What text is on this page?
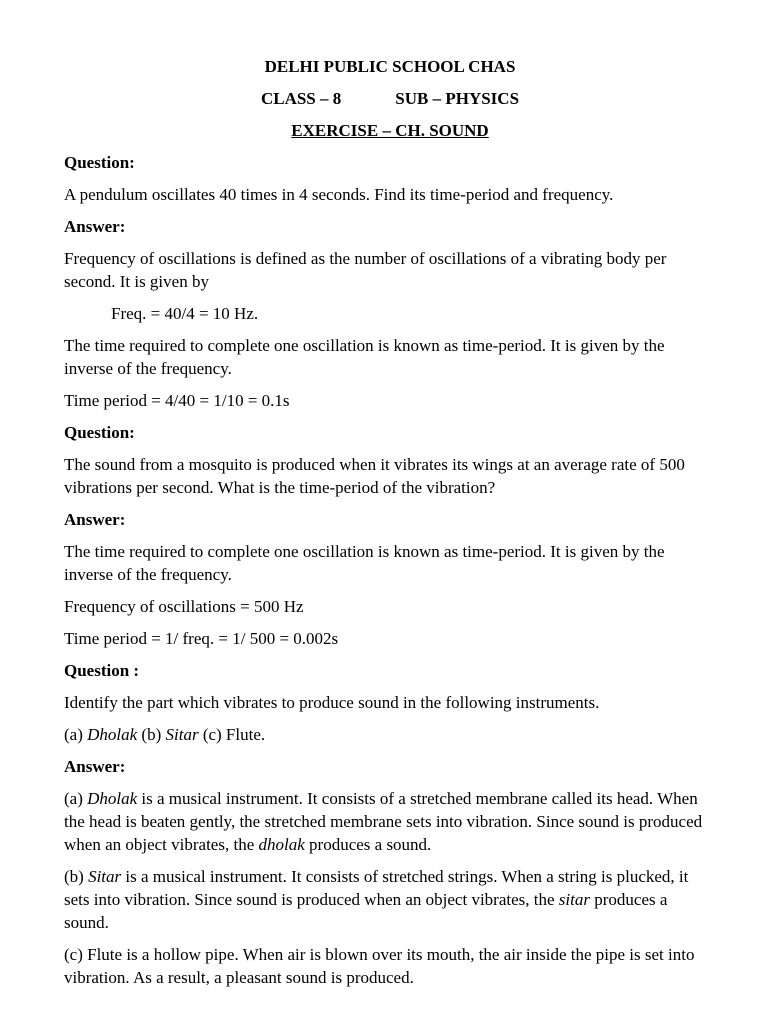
DELHI PUBLIC SCHOOL CHAS
CLASS – 8	SUB – PHYSICS
EXERCISE – CH. SOUND

Question:

A pendulum oscillates 40 times in 4 seconds. Find its time-period and frequency.

Answer:

Frequency of oscillations is defined as the number of oscillations of a vibrating body per second. It is given by

Freq. = 40/4 = 10 Hz.

The time required to complete one oscillation is known as time-period. It is given by the inverse of the frequency.

Time period = 4/40 = 1/10 = 0.1s

Question:

The sound from a mosquito is produced when it vibrates its wings at an average rate of 500 vibrations per second. What is the time-period of the vibration?

Answer:

The time required to complete one oscillation is known as time-period. It is given by the inverse of the frequency.

Frequency of oscillations = 500 Hz

Time period = 1/ freq. = 1/ 500 = 0.002s

Question :

Identify the part which vibrates to produce sound in the following instruments.

(a) Dholak (b) Sitar (c) Flute.

Answer:

(a) Dholak is a musical instrument. It consists of a stretched membrane called its head. When the head is beaten gently, the stretched membrane sets into vibration. Since sound is produced when an object vibrates, the dholak produces a sound.

(b) Sitar is a musical instrument. It consists of stretched strings. When a string is plucked, it sets into vibration. Since sound is produced when an object vibrates, the sitar produces a sound.

(c) Flute is a hollow pipe. When air is blown over its mouth, the air inside the pipe is set into vibration. As a result, a pleasant sound is produced.
